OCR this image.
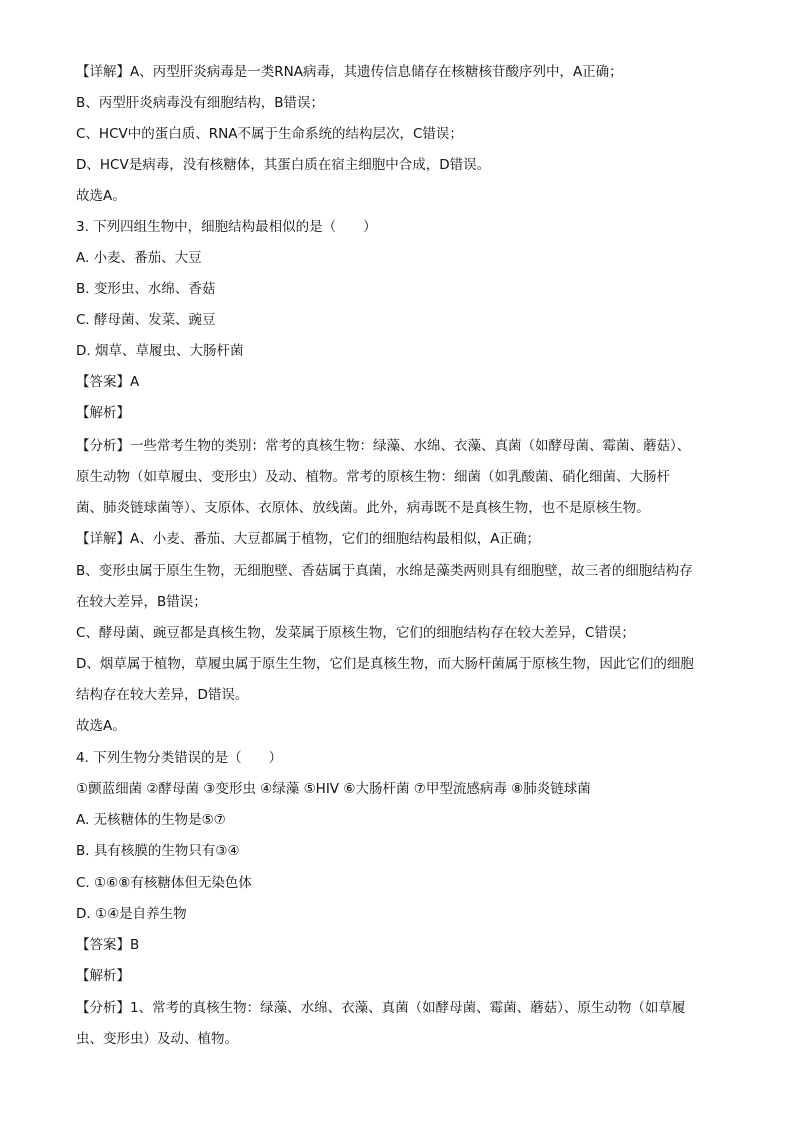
【详解】A、丙型肝炎病毒是一类RNA病毒，其遗传信息储存在核糖核苷酸序列中，A正确；
B、丙型肝炎病毒没有细胞结构，B错误；
C、HCV中的蛋白质、RNA不属于生命系统的结构层次，C错误；
D、HCV是病毒，没有核糖体，其蛋白质在宿主细胞中合成，D错误。
故选A。
3. 下列四组生物中，细胞结构最相似的是（　　）
A. 小麦、番茄、大豆
B. 变形虫、水绵、香菇
C. 酵母菌、发菜、豌豆
D. 烟草、草履虫、大肠杆菌
【答案】A
【解析】
【分析】一些常考生物的类别：常考的真核生物：绿藻、水绵、衣藻、真菌（如酵母菌、霉菌、蘑菇）、
原生动物（如草履虫、变形虫）及动、植物。常考的原核生物：细菌（如乳酸菌、硝化细菌、大肠杆
菌、肺炎链球菌等）、支原体、衣原体、放线菌。此外，病毒既不是真核生物，也不是原核生物。
【详解】A、小麦、番茄、大豆都属于植物，它们的细胞结构最相似，A正确；
B、变形虫属于原生生物，无细胞壁、香菇属于真菌，水绵是藻类两则具有细胞壁，故三者的细胞结构存
在较大差异，B错误；
C、酵母菌、豌豆都是真核生物，发菜属于原核生物，它们的细胞结构存在较大差异，C错误；
D、烟草属于植物，草履虫属于原生生物，它们是真核生物，而大肠杆菌属于原核生物，因此它们的细胞
结构存在较大差异，D错误。
故选A。
4. 下列生物分类错误的是（　　）
①颤蓝细菌 ②酵母菌 ③变形虫 ④绿藻 ⑤HIV ⑥大肠杆菌 ⑦甲型流感病毒 ⑧肺炎链球菌
A. 无核糖体的生物是⑤⑦
B. 具有核膜的生物只有③④
C. ①⑥⑧有核糖体但无染色体
D. ①④是自养生物
【答案】B
【解析】
【分析】1、常考的真核生物：绿藻、水绵、衣藻、真菌（如酵母菌、霉菌、蘑菇）、原生动物（如草履
虫、变形虫）及动、植物。
